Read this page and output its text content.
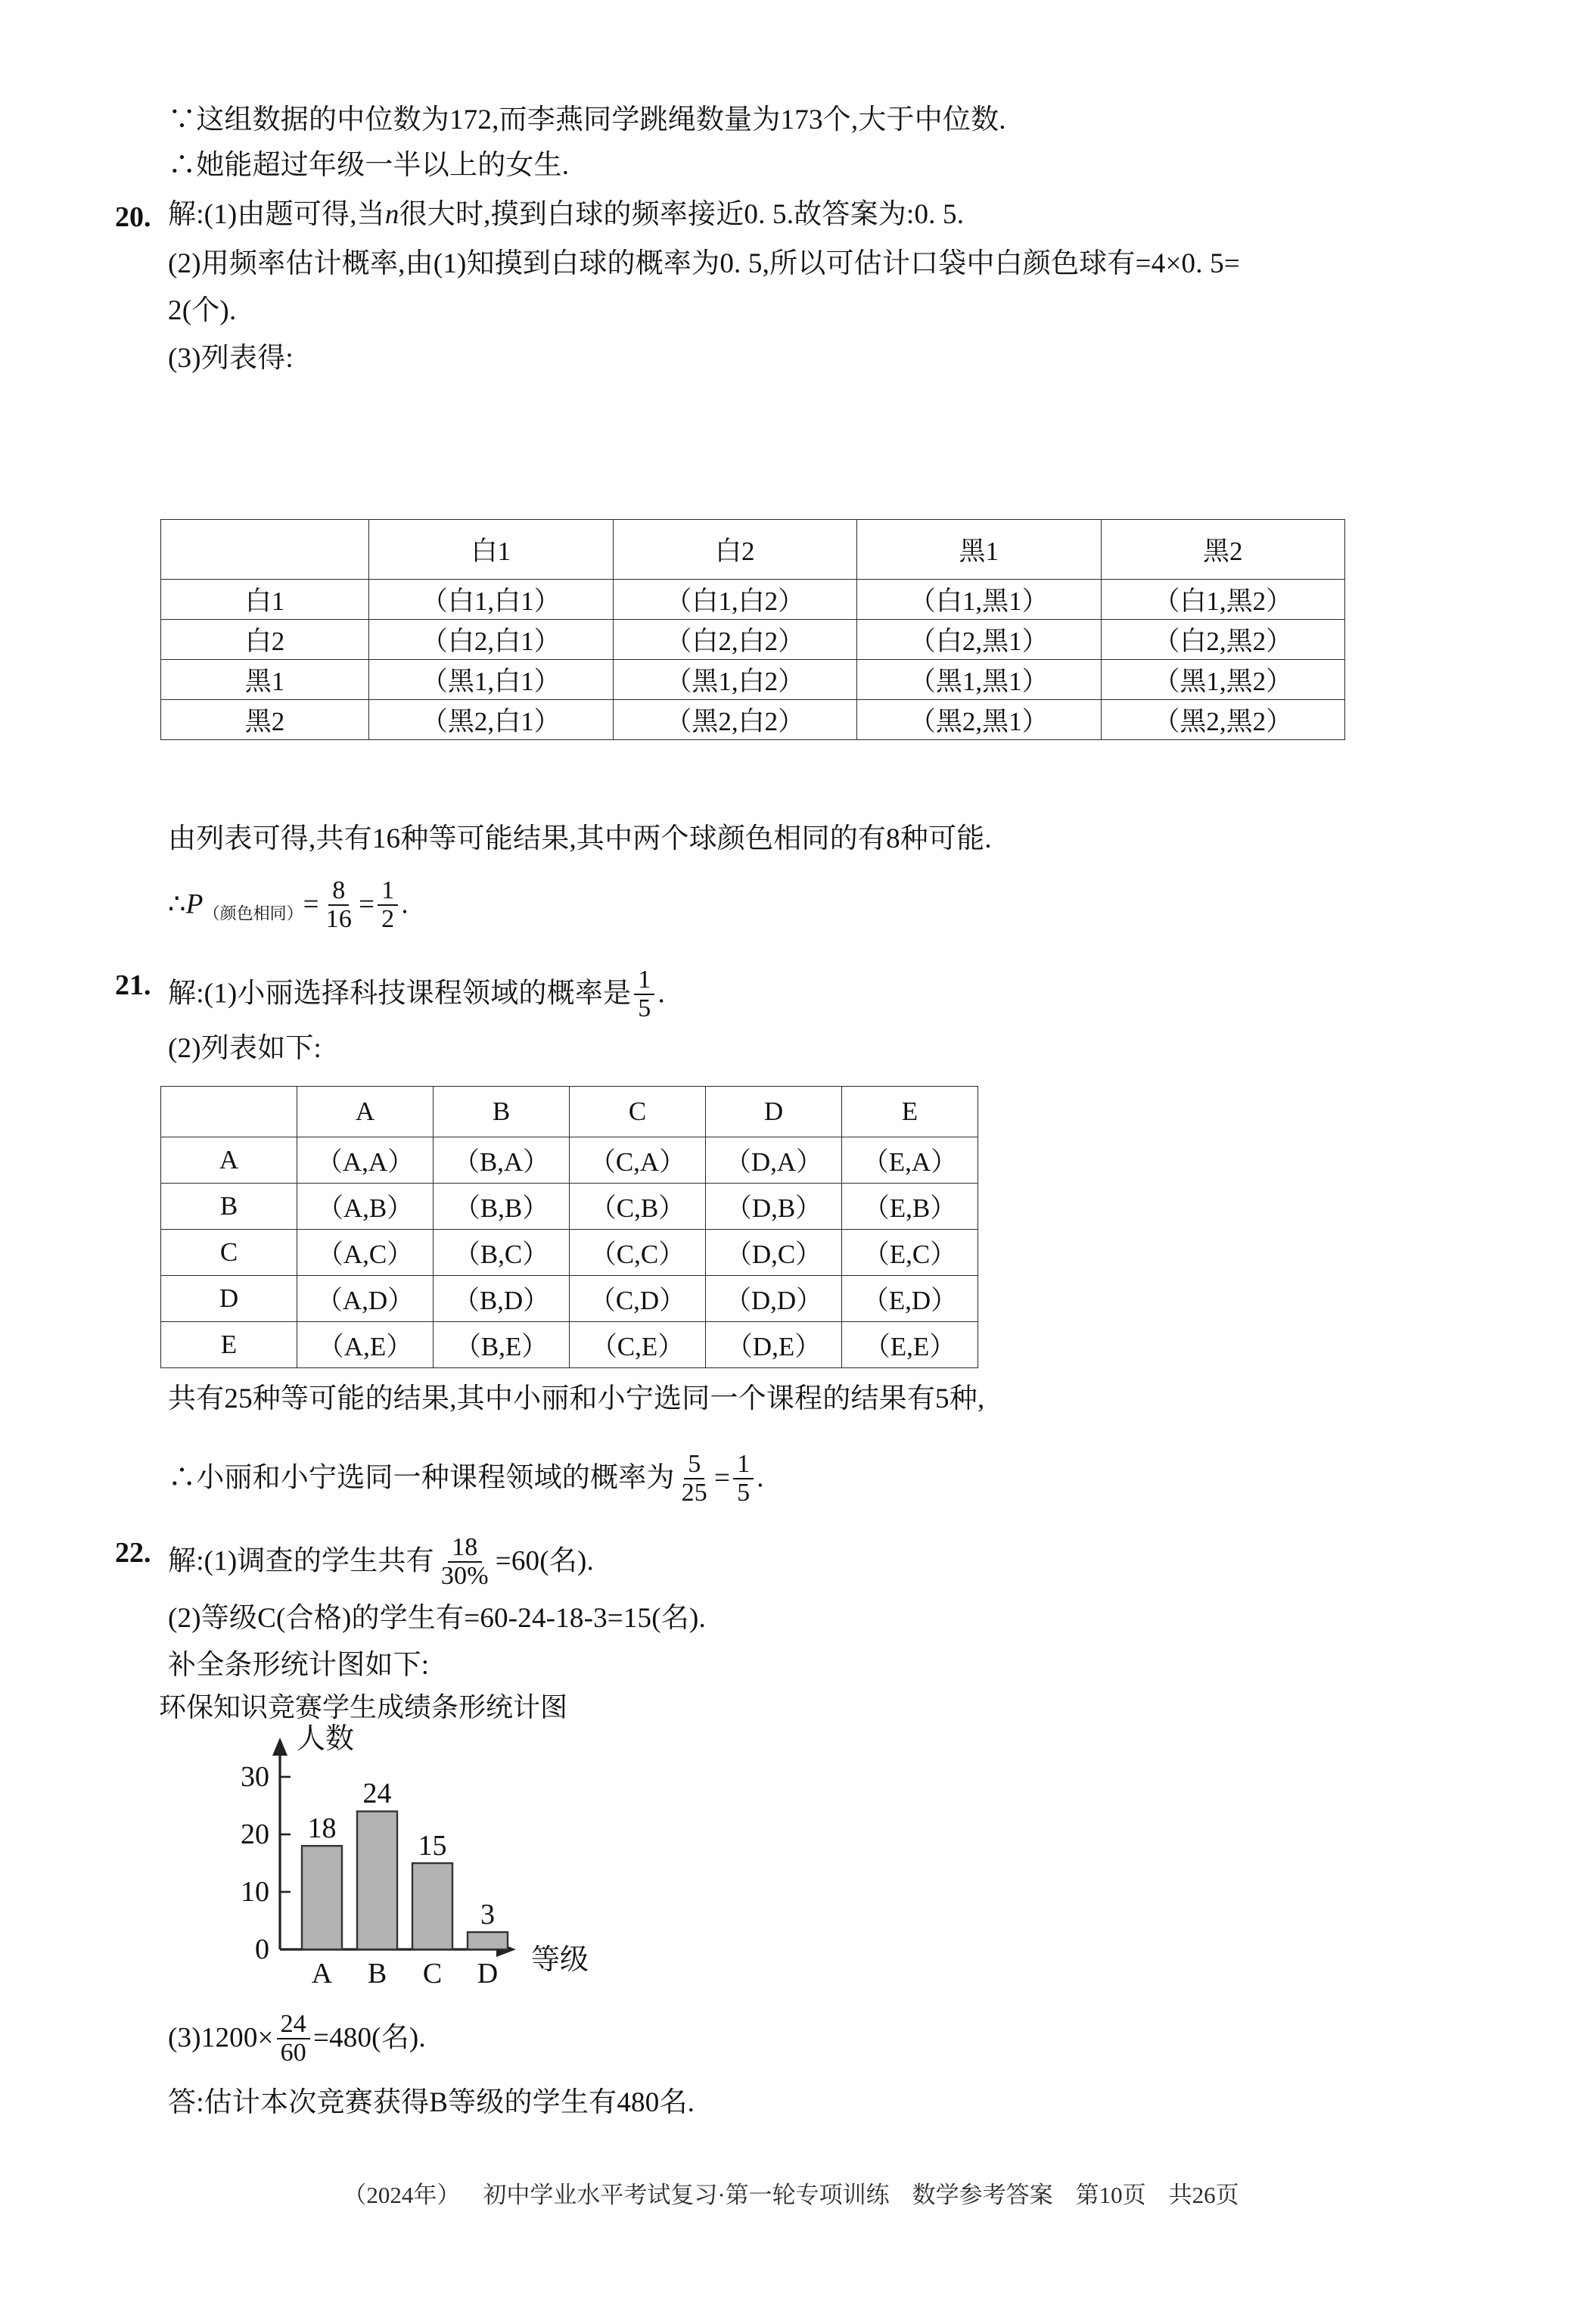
∵这组数据的中位数为172,而李燕同学跳绳数量为173个,大于中位数.
∴她能超过年级一半以上的女生.
20. 解:(1)由题可得,当n很大时,摸到白球的频率接近0. 5.故答案为:0. 5.
(2)用频率估计概率,由(1)知摸到白球的概率为0. 5,所以可估计口袋中白颜色球有=4×0. 5=
2(个).
(3)列表得:
	白1	白2	黑1	黑2
白1	（白1,白1）	（白1,白2）	（白1,黑1）	（白1,黑2）
白2	（白2,白1）	（白2,白2）	（白2,黑1）	（白2,黑2）
黑1	（黑1,白1）	（黑1,白2）	（黑1,黑1）	（黑1,黑2）
黑2	（黑2,白1）	（黑2,白2）	（黑2,黑1）	（黑2,黑2）
由列表可得,共有16种等可能结果,其中两个球颜色相同的有8种可能.
$\therefore P_{(颜色相同)}= \frac{8}{16} = \frac{1}{2}$ .
21. 解:(1)小丽选择科技课程领域的概率是 $\frac{1}{5}$ .
(2)列表如下:
	A	B	C	D	E
A	（A,A）	（B,A）	（C,A）	（D,A）	（E,A）
B	（A,B）	（B,B）	（C,B）	（D,B）	（E,B）
C	（A,C）	（B,C）	（C,C）	（D,C）	（E,C）
D	（A,D）	（B,D）	（C,D）	（D,D）	（E,D）
E	（A,E）	（B,E）	（C,E）	（D,E）	（E,E）
共有25种等可能的结果,其中小丽和小宁选同一个课程的结果有5种,
∴小丽和小宁选同一种课程领域的概率为 $\frac{5}{25} = \frac{1}{5}$ .
22. 解:(1)调查的学生共有 $\frac{18}{30\%} =60$(名).
(2)等级C(合格)的学生有=60-24-18-3=15(名).
补全条形统计图如下:
环保知识竞赛学生成绩条形统计图
0
10
20
30
人数
等级
18
24
15
3
A B C D
$(3)1200\times \frac{24}{60} =480$(名).
答:估计本次竞赛获得B等级的学生有480名.
（2024年） 初中学业水平考试复习·第一轮专项训练 数学参考答案 第10页 共26页
